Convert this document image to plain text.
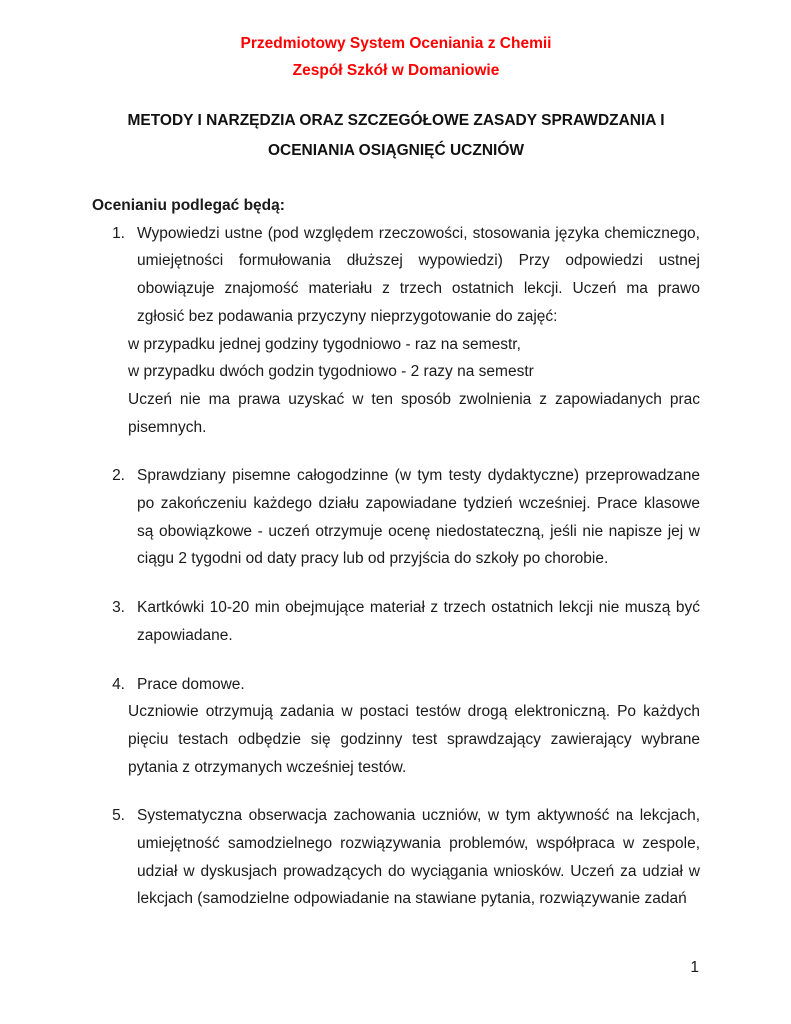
Przedmiotowy System Oceniania z Chemii
Zespół Szkół w Domaniowie
METODY I NARZĘDZIA ORAZ SZCZEGÓŁOWE ZASADY SPRAWDZANIA I
OCENIANIA OSIĄGNIĘĆ UCZNIÓW
Ocenianiu podlegać będą:
1. Wypowiedzi ustne (pod względem rzeczowości, stosowania języka chemicznego, umiejętności formułowania dłuższej wypowiedzi) Przy odpowiedzi ustnej obowiązuje znajomość materiału z trzech ostatnich lekcji. Uczeń ma prawo zgłosić bez podawania przyczyny nieprzygotowanie do zajęć:
w przypadku jednej godziny tygodniowo - raz na semestr,
w przypadku dwóch godzin tygodniowo - 2 razy na semestr
Uczeń nie ma prawa uzyskać w ten sposób zwolnienia z zapowiadanych prac pisemnych.
2. Sprawdziany pisemne całogodzinne (w tym testy dydaktyczne) przeprowadzane po zakończeniu każdego działu zapowiadane tydzień wcześniej. Prace klasowe są obowiązkowe - uczeń otrzymuje ocenę niedostateczną, jeśli nie napisze jej w ciągu 2 tygodni od daty pracy lub od przyjścia do szkoły po chorobie.
3. Kartkówki 10-20 min obejmujące materiał z trzech ostatnich lekcji nie muszą być zapowiadane.
4. Prace domowe.
Uczniowie otrzymują zadania w postaci testów drogą elektroniczną. Po każdych pięciu testach odbędzie się godzinny test sprawdzający zawierający wybrane pytania z otrzymanych wcześniej testów.
5. Systematyczna obserwacja zachowania uczniów, w tym aktywność na lekcjach, umiejętność samodzielnego rozwiązywania problemów, współpraca w zespole, udział w dyskusjach prowadzących do wyciągania wniosków. Uczeń za udział w lekcjach (samodzielne odpowiadanie na stawiane pytania, rozwiązywanie zadań
1
